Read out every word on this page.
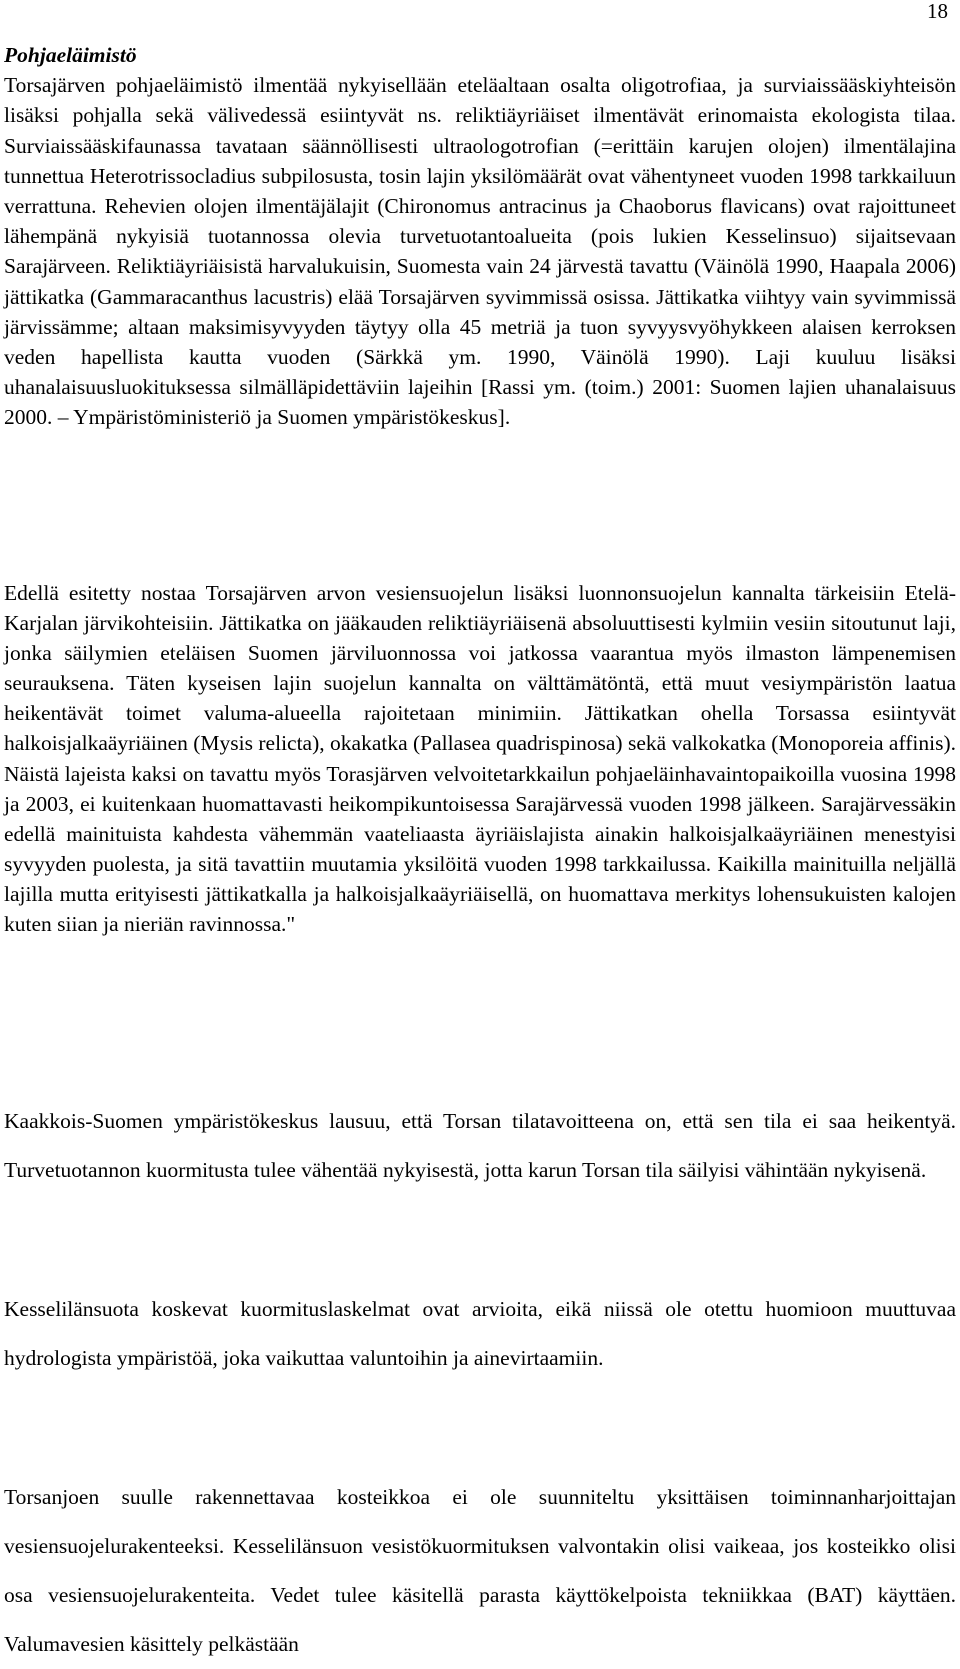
18
Pohjaeläimistö
Torsajärven pohjaeläimistö ilmentää nykyisellään eteläaltaan osalta oligotrofiaa, ja surviaissääskiyhteisön lisäksi pohjalla sekä välivedessä esiintyvät ns. reliktiäyriäiset ilmentävät erinomaista ekologista tilaa. Surviaissääskifaunassa tavataan säännöllisesti ultraologotrofian (=erittäin karujen olojen) ilmentälajina tunnettua Heterotrissocladius subpilosusta, tosin lajin yksilömäärät ovat vähentyneet vuoden 1998 tarkkailuun verrattuna. Rehevien olojen ilmentäjälajit (Chironomus antracinus ja Chaoborus flavicans) ovat rajoittuneet lähempänä nykyisiä tuotannossa olevia turvetuotantoalueita (pois lukien Kesselinsuo) sijaitsevaan Sarajärveen. Reliktiäyriäisistä harvalukuisin, Suomesta vain 24 järvestä tavattu (Väinölä 1990, Haapala 2006) jättikatka (Gammaracanthus lacustris) elää Torsajärven syvimmissä osissa. Jättikatka viihtyy vain syvimmissä järvissämme; altaan maksimisyvyyden täytyy olla 45 metriä ja tuon syvyysvyöhykkeen alaisen kerroksen veden hapellista kautta vuoden (Särkkä ym. 1990, Väinölä 1990). Laji kuuluu lisäksi uhanalaisuusluokituksessa silmälläpidettäviin lajeihin [Rassi ym. (toim.) 2001: Suomen lajien uhanalaisuus 2000. – Ympäristöministeriö ja Suomen ympäristökeskus].

Edellä esitetty nostaa Torsajärven arvon vesiensuojelun lisäksi luonnonsuojelun kannalta tärkeisiin Etelä-Karjalan järvikohteisiin. Jättikatka on jääkauden reliktiäyriäisenä absoluuttisesti kylmiin vesiin sitoutunut laji, jonka säilymien eteläisen Suomen järviluonnossa voi jatkossa vaarantua myös ilmaston lämpenemisen seurauksena. Täten kyseisen lajin suojelun kannalta on välttämätöntä, että muut vesiympäristön laatua heikentävät toimet valuma-alueella rajoitetaan minimiin. Jättikatkan ohella Torsassa esiintyvät halkoisjalkaäyriäinen (Mysis relicta), okakatka (Pallasea quadrispinosa) sekä valkokatka (Monoporeia affinis). Näistä lajeista kaksi on tavattu myös Torasjärven velvoitetarkkailun pohjaeläinhavaintopaikoilla vuosina 1998 ja 2003, ei kuitenkaan huomattavasti heikompikuntoisessa Sarajärvessä vuoden 1998 jälkeen. Sarajärvessäkin edellä mainituista kahdesta vähemmän vaateliaasta äyriäislajista ainakin halkoisjalkaäyriäinen menestyisi syvyyden puolesta, ja sitä tavattiin muutamia yksilöitä vuoden 1998 tarkkailussa. Kaikilla mainituilla neljällä lajilla mutta erityisesti jättikatkalla ja halkoisjalkaäyriäisellä, on huomattava merkitys lohensukuisten kalojen kuten siian ja nieriän ravinnossa."

Kaakkois-Suomen ympäristökeskus lausuu, että Torsan tilatavoitteena on, että sen tila ei saa heikentyä. Turvetuotannon kuormitusta tulee vähentää nykyisestä, jotta karun Torsan tila säilyisi vähintään nykyisenä.

Kesselilänsuota koskevat kuormituslaskelmat ovat arvioita, eikä niissä ole otettu huomioon muuttuvaa hydrologista ympäristöä, joka vaikuttaa valuntoihin ja ainevirtaamiin.

Torsanjoen suulle rakennettavaa kosteikkoa ei ole suunniteltu yksittäisen toiminnanharjoittajan vesiensuojelurakenteeksi. Kesselilänsuon vesistökuormituksen valvontakin olisi vaikeaa, jos kosteikko olisi osa vesiensuojelurakenteita. Vedet tulee käsitellä parasta käyttökelpoista tekniikkaa (BAT) käyttäen. Valumavesien käsittely pelkästään
